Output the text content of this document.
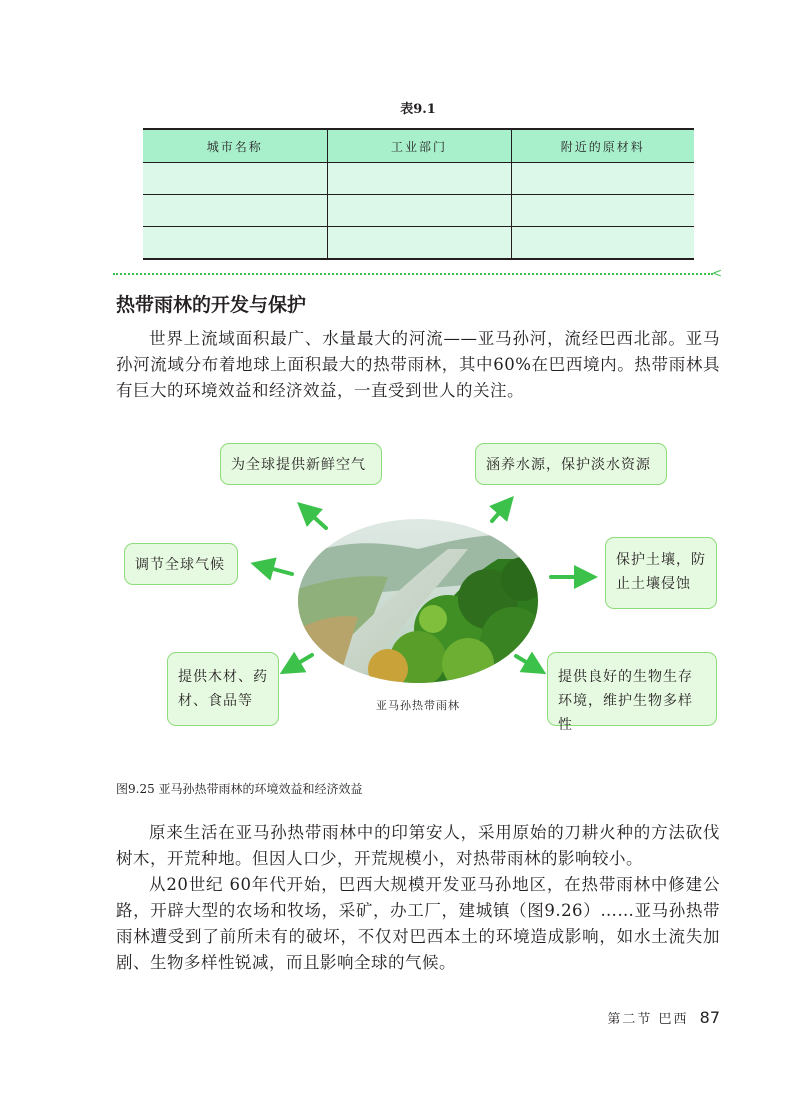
表9.1
城市名称	工业部门	附近的原材料

<
热带雨林的开发与保护
世界上流域面积最广、水量最大的河流——亚马孙河，流经巴西北部。亚马孙河流域分布着地球上面积最大的热带雨林，其中60%在巴西境内。热带雨林具有巨大的环境效益和经济效益，一直受到世人的关注。
为全球提供新鲜空气	涵养水源，保护淡水资源
调节全球气候	保护土壤，防止土壤侵蚀
提供木材、药材、食品等
提供良好的生物生存环境，维护生物多样性
亚马孙热带雨林
图9.25 亚马孙热带雨林的环境效益和经济效益
原来生活在亚马孙热带雨林中的印第安人，采用原始的刀耕火种的方法砍伐树木，开荒种地。但因人口少，开荒规模小，对热带雨林的影响较小。
从20世纪 60年代开始，巴西大规模开发亚马孙地区，在热带雨林中修建公路，开辟大型的农场和牧场，采矿，办工厂，建城镇（图9.26）……亚马孙热带雨林遭受到了前所未有的破坏，不仅对巴西本土的环境造成影响，如水土流失加剧、生物多样性锐减，而且影响全球的气候。
第二节 巴西 87
